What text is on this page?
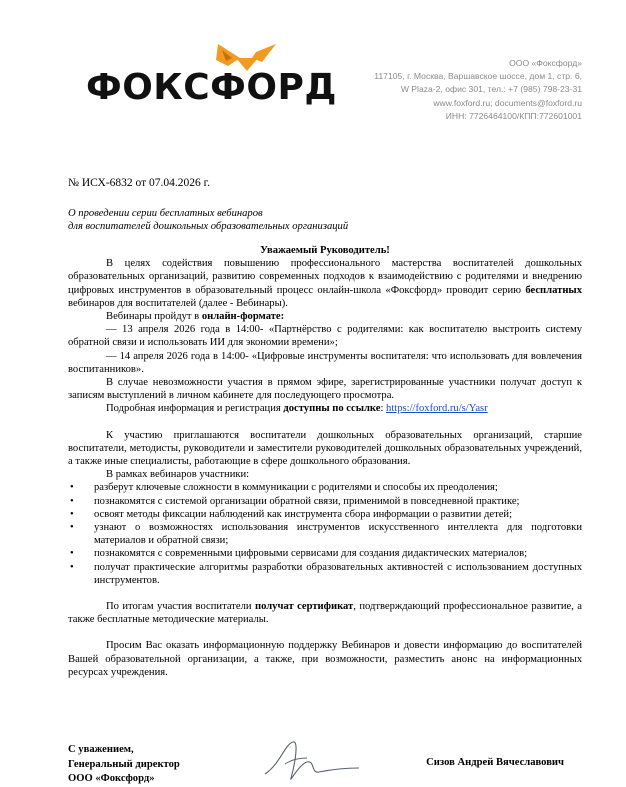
ФОКСФОРД
ООО «Фоксфорд»
117105, г. Москва, Варшавское шоссе, дом 1, стр. 6,
W Plaza-2, офис 301, тел.: +7 (985) 798-23-31
www.foxford.ru; documents@foxford.ru
ИНН: 7726464100/КПП:772601001
№ ИСХ-6832 от 07.04.2026 г.
О проведении серии бесплатных вебинаров
для воспитателей дошкольных образовательных организаций
Уважаемый Руководитель!

В целях содействия повышению профессионального мастерства воспитателей дошкольных образовательных организаций, развитию современных подходов к взаимодействию с родителями и внедрению цифровых инструментов в образовательный процесс онлайн-школа «Фоксфорд» проводит серию бесплатных вебинаров для воспитателей (далее - Вебинары).

Вебинары пройдут в онлайн-формате:

— 13 апреля 2026 года в 14:00- «Партнёрство с родителями: как воспитателю выстроить систему обратной связи и использовать ИИ для экономии времени»;

— 14 апреля 2026 года в 14:00- «Цифровые инструменты воспитателя: что использовать для вовлечения воспитанников».

В случае невозможности участия в прямом эфире, зарегистрированные участники получат доступ к записям выступлений в личном кабинете для последующего просмотра.

Подробная информация и регистрация доступны по ссылке: https://foxford.ru/s/Yasr

К участию приглашаются воспитатели дошкольных образовательных организаций, старшие воспитатели, методисты, руководители и заместители руководителей дошкольных образовательных учреждений, а также иные специалисты, работающие в сфере дошкольного образования.

В рамках вебинаров участники:

• разберут ключевые сложности в коммуникации с родителями и способы их преодоления;
• познакомятся с системой организации обратной связи, применимой в повседневной практике;
• освоят методы фиксации наблюдений как инструмента сбора информации о развитии детей;
• узнают о возможностях использования инструментов искусственного интеллекта для подготовки материалов и обратной связи;
• познакомятся с современными цифровыми сервисами для создания дидактических материалов;
• получат практические алгоритмы разработки образовательных активностей с использованием доступных инструментов.

По итогам участия воспитатели получат сертификат, подтверждающий профессиональное развитие, а также бесплатные методические материалы.

Просим Вас оказать информационную поддержку Вебинаров и довести информацию до воспитателей Вашей образовательной организации, а также, при возможности, разместить анонс на информационных ресурсах учреждения.

С уважением,
Генеральный директор
ООО «Фоксфорд»
Сизов Андрей Вячеславович
